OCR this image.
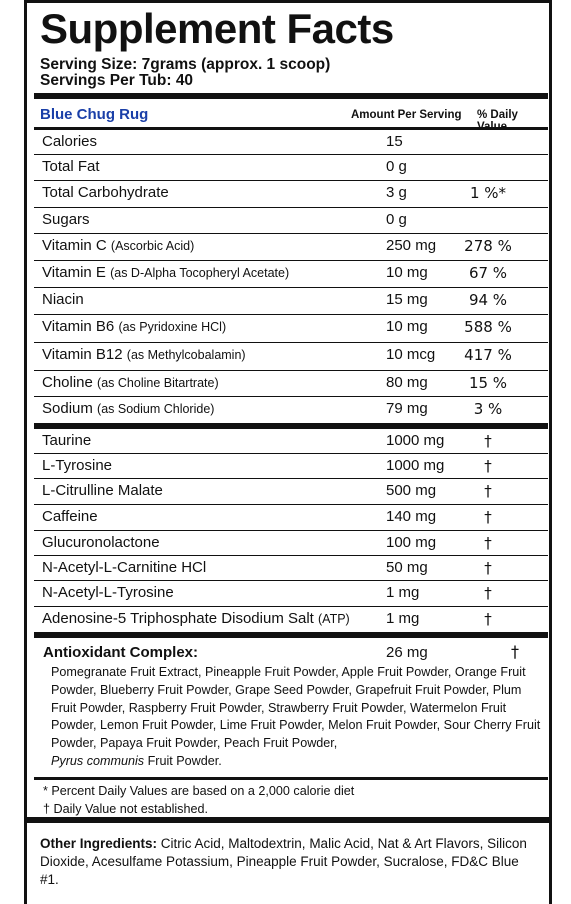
Supplement Facts
Serving Size: 7grams (approx. 1 scoop)
Servings Per Tub: 40
Blue Chug Rug	Amount Per Serving % Daily
Calories	15
Total Fat	0 g
Total Carbohydrate	3 g	1 %*
Sugars	0 g
Vitamin C (Ascorbic Acid)	250 mg	278 %
Vitamin E (as D-Alpha Tocopheryl Acetate)	10 mg	67 %
Niacin	15 mg	94 %
Vitamin B6 (as Pyridoxine HCl)	10 mg	588 %
Vitamin B12 (as Methylcobalamin)	10 mcg	417 %
Choline (as Choline Bitartrate)	80 mg	15 %
Sodium (as Sodium Chloride)	79 mg	3 %
Taurine	1000 mg	†
L-Tyrosine	1000 mg	†
L-Citrulline Malate	500 mg	†
Caffeine	140 mg	†
Glucuronolactone	100 mg	†
N-Acetyl-L-Carnitine HCl	50 mg	†
N-Acetyl-L-Tyrosine	1 mg	†
Adenosine-5 Triphosphate Disodium Salt (ATP) 1 mg	†
Antioxidant Complex:	26 mg	†
Pomegranate Fruit Extract, Pineapple Fruit Powder, Apple Fruit Powder, Orange Fruit Powder, Blueberry Fruit Powder, Grape Seed Powder, Grapefruit Fruit Powder, Plum Fruit Powder, Raspberry Fruit Powder, Strawberry Fruit Powder, Watermelon Fruit Powder, Lemon Fruit Powder, Lime Fruit Powder, Melon Fruit Powder, Sour Cherry Fruit Powder, Papaya Fruit Powder, Peach Fruit Powder,
Pyrus communis Fruit Powder.
* Percent Daily Values are based on a 2,000 calorie diet
† Daily Value not established.
Other Ingredients: Citric Acid, Maltodextrin, Malic Acid, Nat & Art Flavors, Silicon Dioxide, Acesulfame Potassium, Pineapple Fruit Powder, Sucralose, FD&C Blue #1.
